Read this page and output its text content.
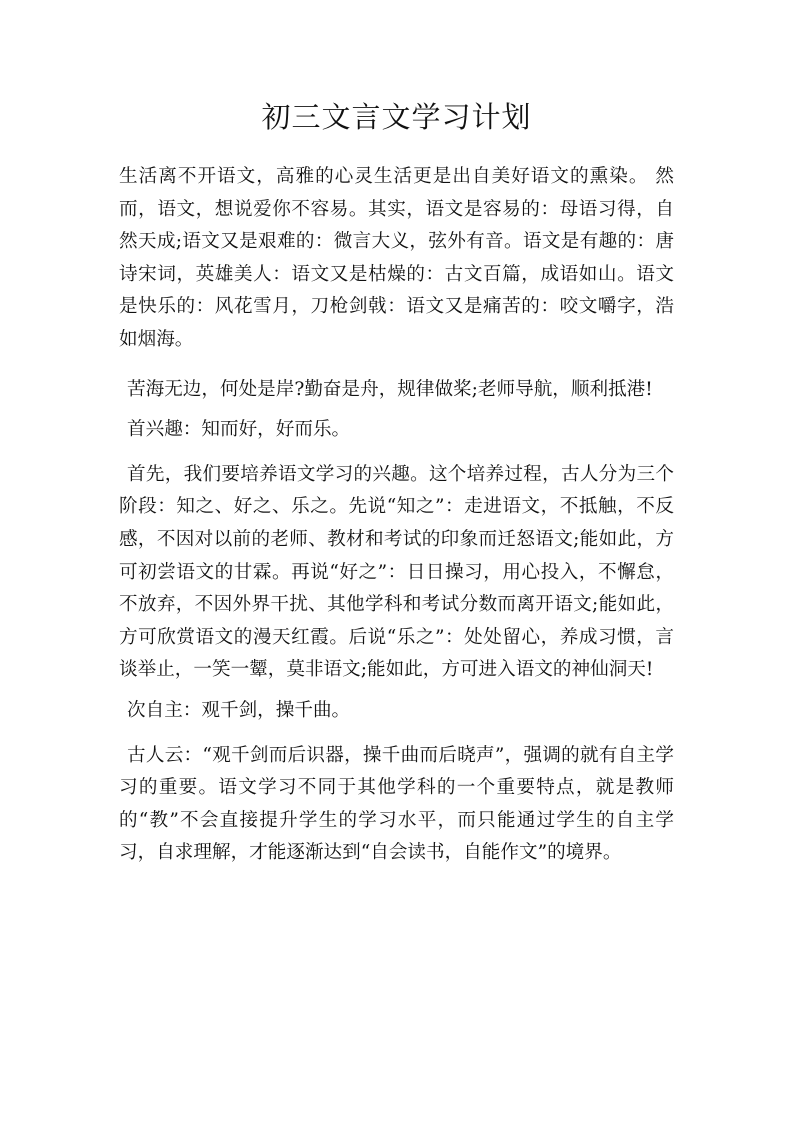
初三文言文学习计划

生活离不开语文，高雅的心灵生活更是出自美好语文的熏染。 然而，语文，想说爱你不容易。其实，语文是容易的：母语习得，自然天成;语文又是艰难的：微言大义，弦外有音。语文是有趣的：唐诗宋词，英雄美人：语文又是枯燥的：古文百篇，成语如山。语文是快乐的：风花雪月，刀枪剑戟：语文又是痛苦的：咬文嚼字，浩如烟海。

苦海无边，何处是岸?勤奋是舟，规律做桨;老师导航，顺利抵港!

首兴趣：知而好，好而乐。

首先，我们要培养语文学习的兴趣。这个培养过程，古人分为三个阶段：知之、好之、乐之。先说“知之”：走进语文，不抵触，不反感，不因对以前的老师、教材和考试的印象而迁怒语文;能如此，方可初尝语文的甘霖。再说“好之”：日日操习，用心投入，不懈怠，不放弃，不因外界干扰、其他学科和考试分数而离开语文;能如此，方可欣赏语文的漫天红霞。后说“乐之”：处处留心，养成习惯，言谈举止，一笑一颦，莫非语文;能如此，方可进入语文的神仙洞天!

次自主：观千剑，操千曲。

古人云：“观千剑而后识器，操千曲而后晓声”，强调的就有自主学习的重要。语文学习不同于其他学科的一个重要特点，就是教师的“教”不会直接提升学生的学习水平，而只能通过学生的自主学习，自求理解，才能逐渐达到“自会读书，自能作文”的境界。
